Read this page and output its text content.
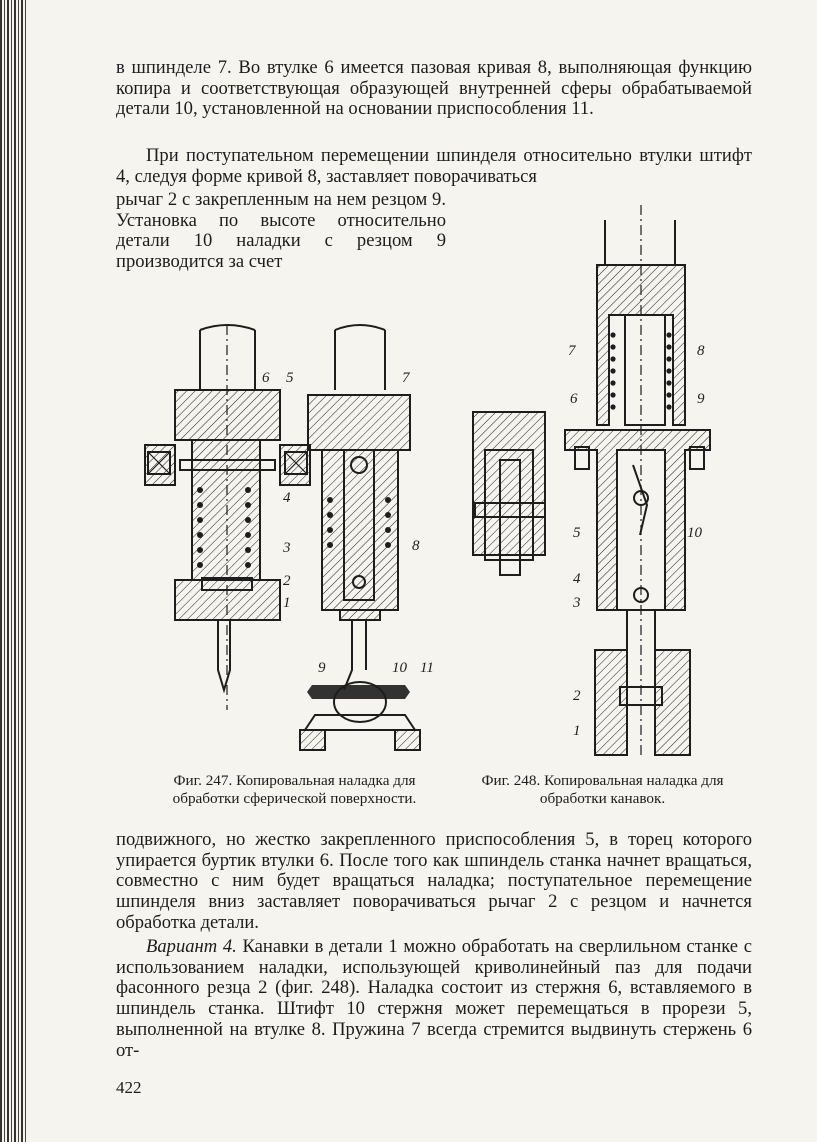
в шпинделе 7. Во втулке 6 имеется пазовая кривая 8, выполняющая функцию копира и соответствующая образующей внутренней сферы обрабатываемой детали 10, установленной на основании приспособления 11.

При поступательном перемещении шпинделя относительно втулки штифт 4, следуя форме кривой 8, заставляет поворачиваться

рычаг 2 с закрепленным на нем резцом 9. Установка по высоте относительно детали 10 наладки с резцом 9 производится за счет

6 5
4
3
2
1
7
8
9	10 11
7	8
6	9
5	10
4
3
2
1
Фиг. 247. Копировальная наладка для обработки сферической поверхности.
Фиг. 248. Копировальная наладка для обработки канавок.

подвижного, но жестко закрепленного приспособления 5, в торец которого упирается буртик втулки 6. После того как шпиндель станка начнет вращаться, совместно с ним будет вращаться наладка; поступательное перемещение шпинделя вниз заставляет поворачиваться рычаг 2 с резцом и начнется обработка детали.

Вариант 4. Канавки в детали 1 можно обработать на сверлильном станке с использованием наладки, использующей криволинейный паз для подачи фасонного резца 2 (фиг. 248). Наладка состоит из стержня 6, вставляемого в шпиндель станка. Штифт 10 стержня может перемещаться в прорези 5, выполненной на втулке 8. Пружина 7 всегда стремится выдвинуть стержень 6 от-

422
